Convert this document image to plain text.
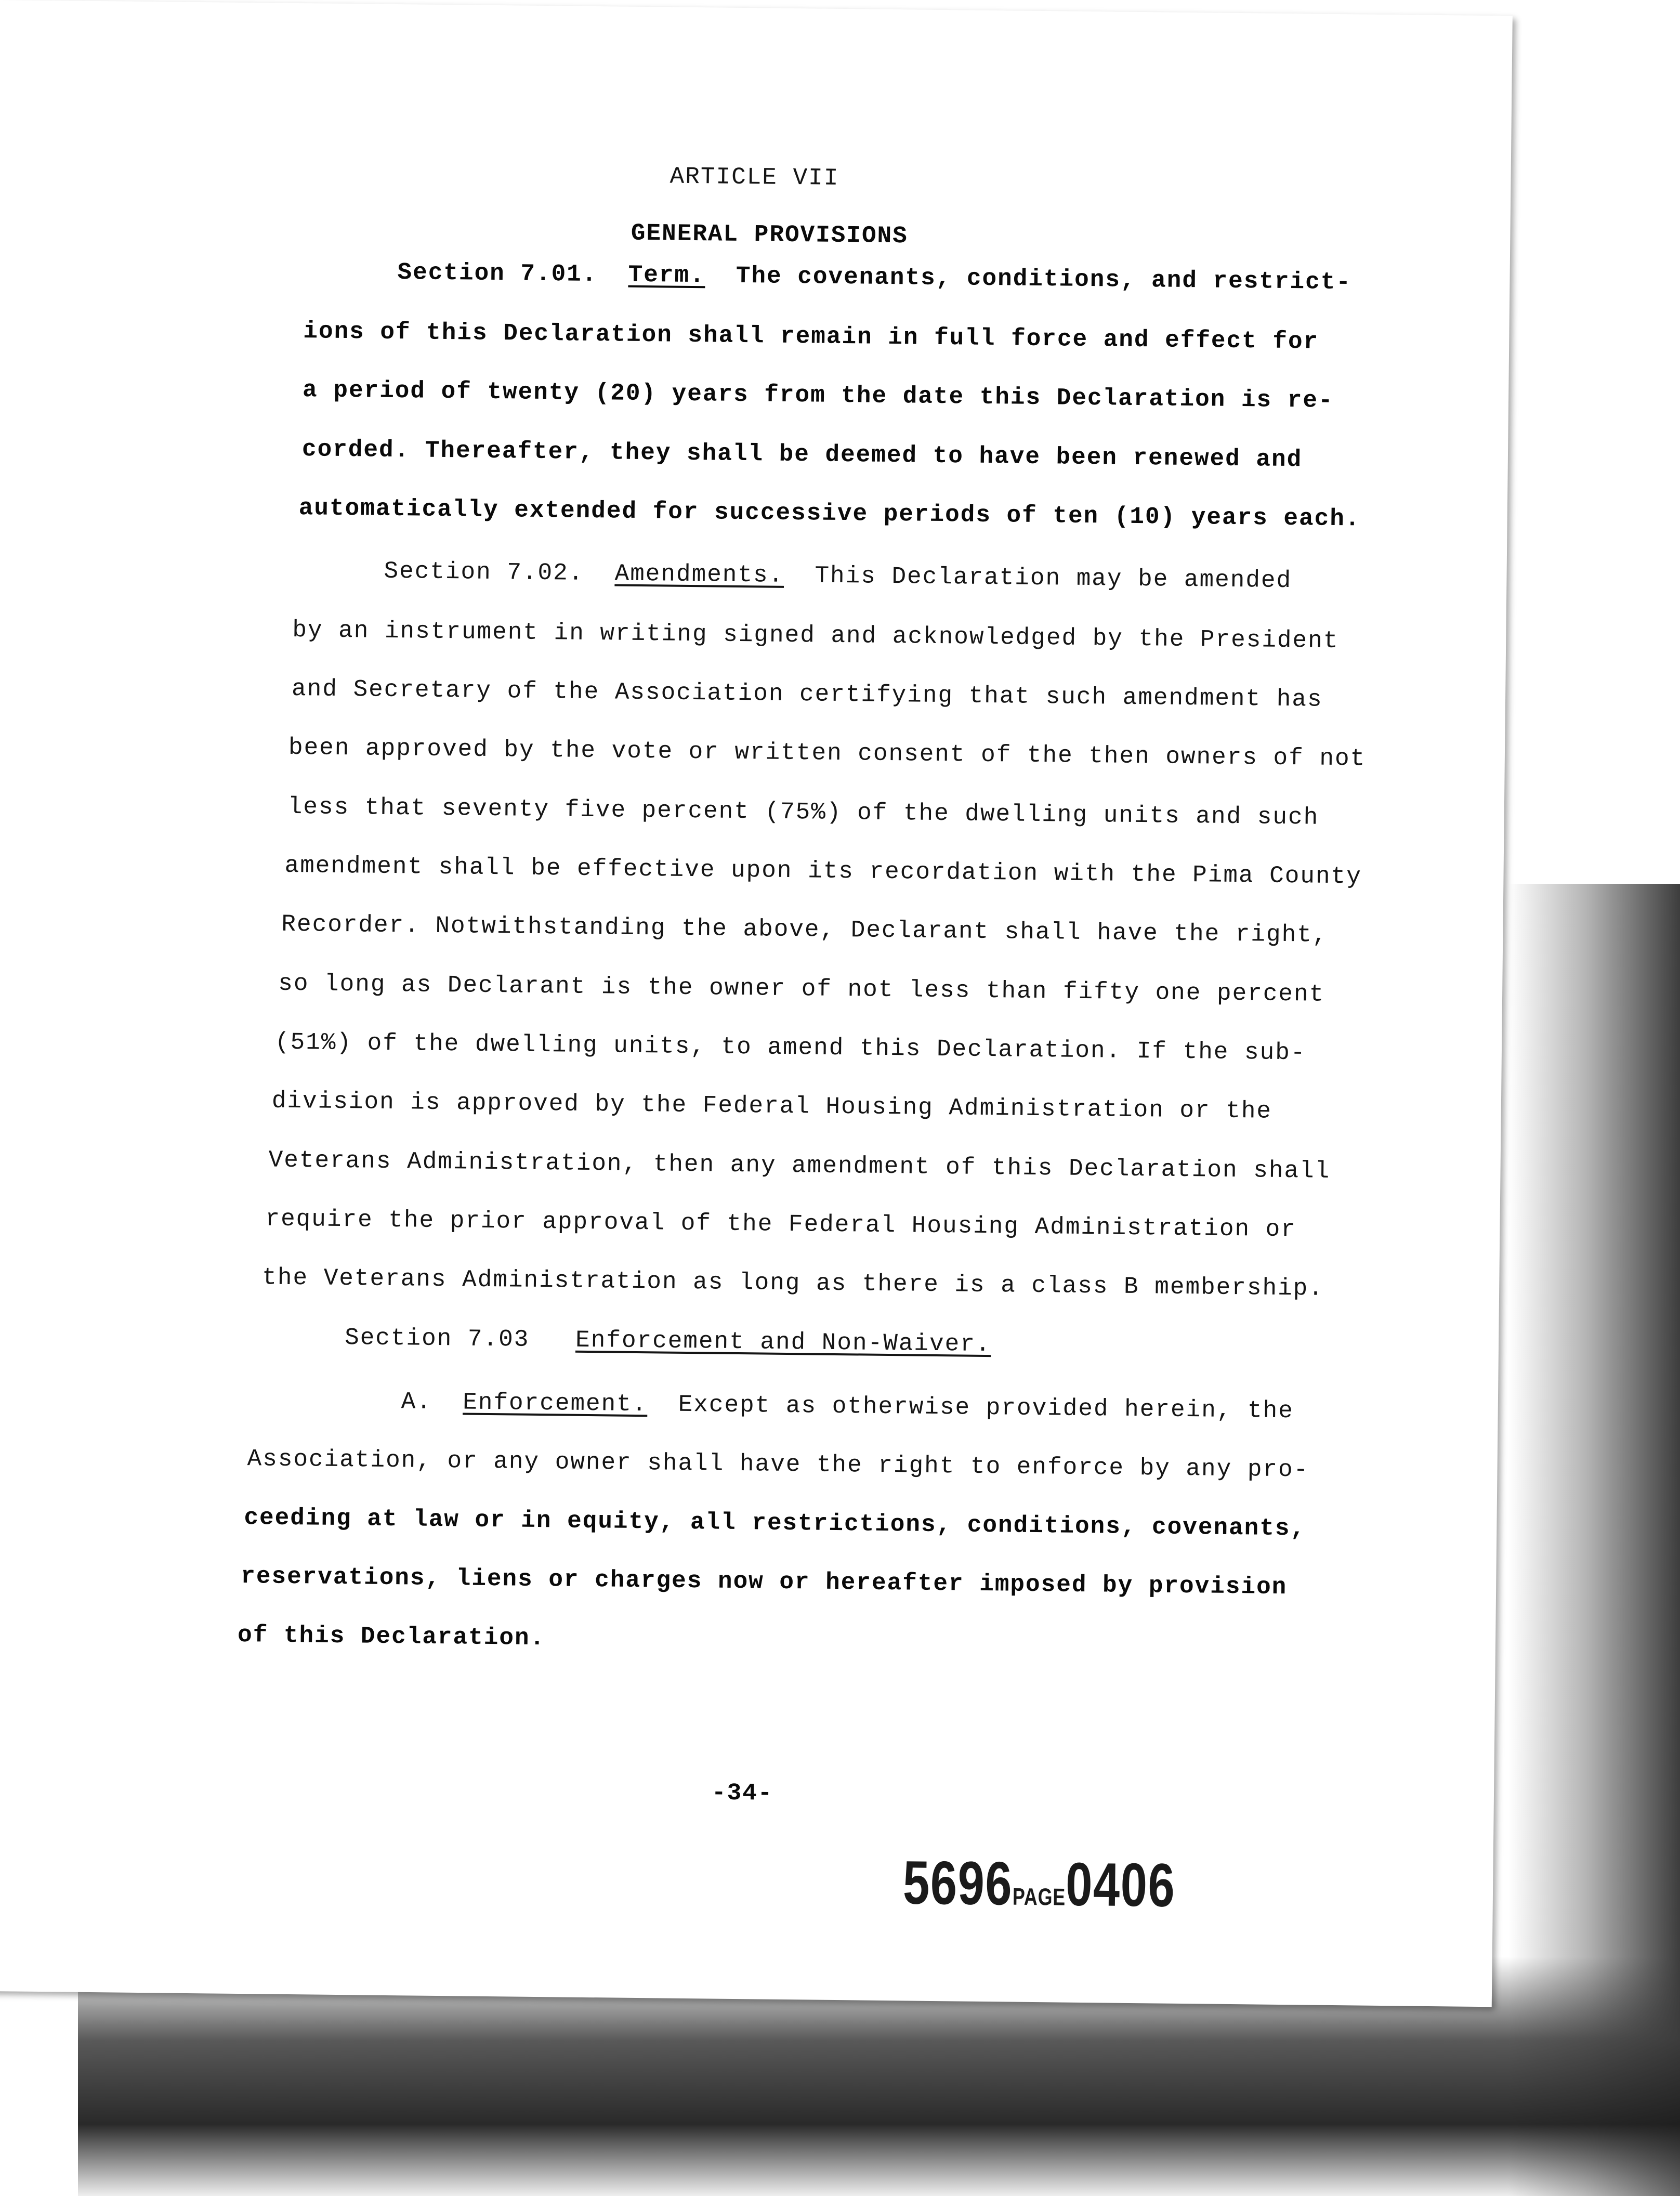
ARTICLE VII
GENERAL PROVISIONS
Section 7.01. Term. The covenants, conditions, and restrict-
ions of this Declaration shall remain in full force and effect for
a period of twenty (20) years from the date this Declaration is re-
corded. Thereafter, they shall be deemed to have been renewed and
automatically extended for successive periods of ten (10) years each.
Section 7.02. Amendments. This Declaration may be amended
by an instrument in writing signed and acknowledged by the President
and Secretary of the Association certifying that such amendment has
been approved by the vote or written consent of the then owners of not
less that seventy five percent (75%) of the dwelling units and such
amendment shall be effective upon its recordation with the Pima County
Recorder. Notwithstanding the above, Declarant shall have the right,
so long as Declarant is the owner of not less than fifty one percent
(51%) of the dwelling units, to amend this Declaration. If the sub-
division is approved by the Federal Housing Administration or the
Veterans Administration, then any amendment of this Declaration shall
require the prior approval of the Federal Housing Administration or
the Veterans Administration as long as there is a class B membership.
Section 7.03 Enforcement and Non-Waiver.
A. Enforcement. Except as otherwise provided herein, the
Association, or any owner shall have the right to enforce by any pro-
ceeding at law or in equity, all restrictions, conditions, covenants,
reservations, liens or charges now or hereafter imposed by provision
of this Declaration.
-34-
5696PAGE0406
